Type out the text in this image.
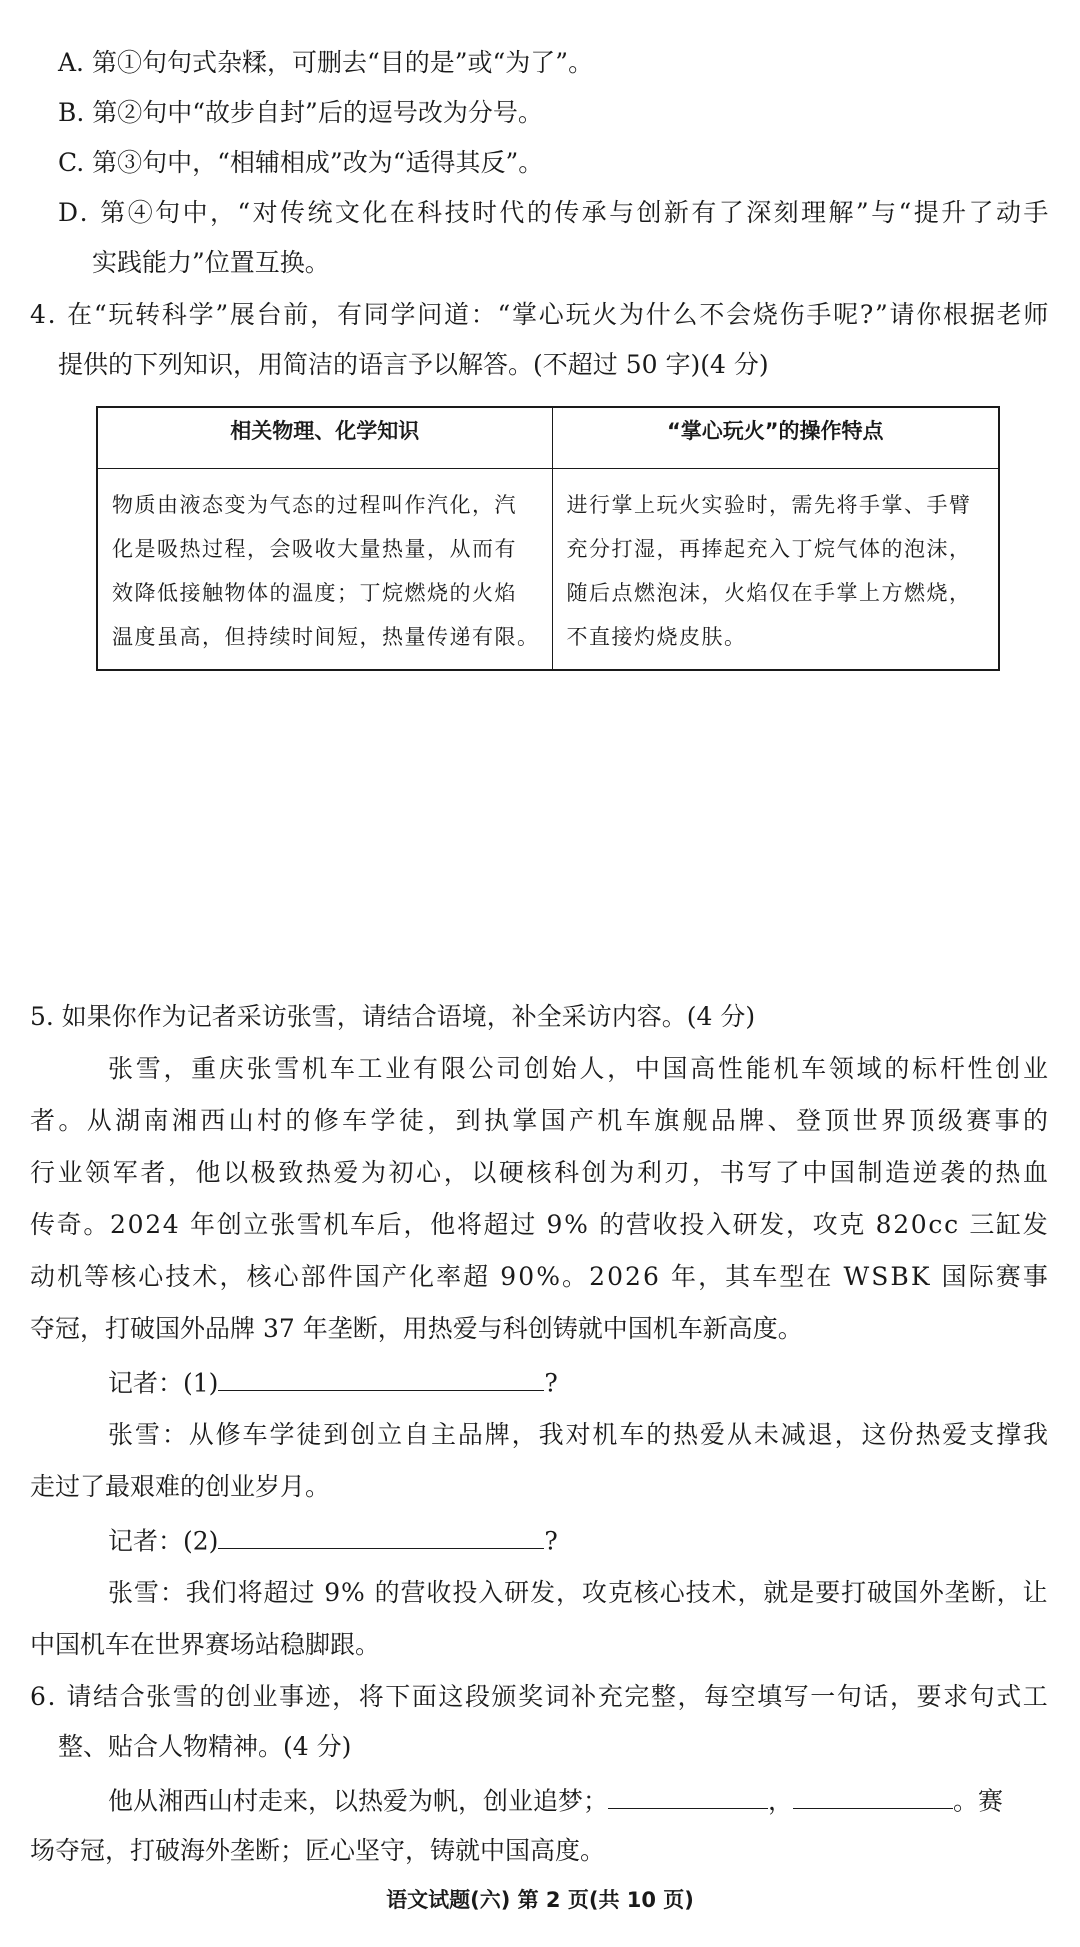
A. 第①句句式杂糅，可删去“目的是”或“为了”。
B. 第②句中“故步自封”后的逗号改为分号。
C. 第③句中，“相辅相成”改为“适得其反”。
D. 第④句中，“对传统文化在科技时代的传承与创新有了深刻理解”与“提升了动手
实践能力”位置互换。
4. 在“玩转科学”展台前，有同学问道：“掌心玩火为什么不会烧伤手呢?”请你根据老师
提供的下列知识，用简洁的语言予以解答。(不超过 50 字)(4 分)
相关物理、化学知识	“掌心玩火”的操作特点

物质由液态变为气态的过程叫作汽化，汽
化是吸热过程，会吸收大量热量，从而有
效降低接触物体的温度；丁烷燃烧的火焰
温度虽高，但持续时间短，热量传递有限。	进行掌上玩火实验时，需先将手掌、手臂
充分打湿，再捧起充入丁烷气体的泡沫，
随后点燃泡沫，火焰仅在手掌上方燃烧，
不直接灼烧皮肤。
5. 如果你作为记者采访张雪，请结合语境，补全采访内容。(4 分)
张雪，重庆张雪机车工业有限公司创始人，中国高性能机车领域的标杆性创业
者。从湖南湘西山村的修车学徒，到执掌国产机车旗舰品牌、登顶世界顶级赛事的
行业领军者，他以极致热爱为初心，以硬核科创为利刃，书写了中国制造逆袭的热血
传奇。2024 年创立张雪机车后，他将超过 9% 的营收投入研发，攻克 820cc 三缸发
动机等核心技术，核心部件国产化率超 90%。2026 年，其车型在 WSBK 国际赛事
夺冠，打破国外品牌 37 年垄断，用热爱与科创铸就中国机车新高度。
记者：(1)	?
张雪：从修车学徒到创立自主品牌，我对机车的热爱从未减退，这份热爱支撑我
走过了最艰难的创业岁月。
记者：(2)	?
张雪：我们将超过 9% 的营收投入研发，攻克核心技术，就是要打破国外垄断，让
中国机车在世界赛场站稳脚跟。
6. 请结合张雪的创业事迹，将下面这段颁奖词补充完整，每空填写一句话，要求句式工
整、贴合人物精神。(4 分)
他从湘西山村走来，以热爱为帆，创业追梦；	，	。赛
场夺冠，打破海外垄断；匠心坚守，铸就中国高度。
语文试题(六) 第 2 页(共 10 页)
